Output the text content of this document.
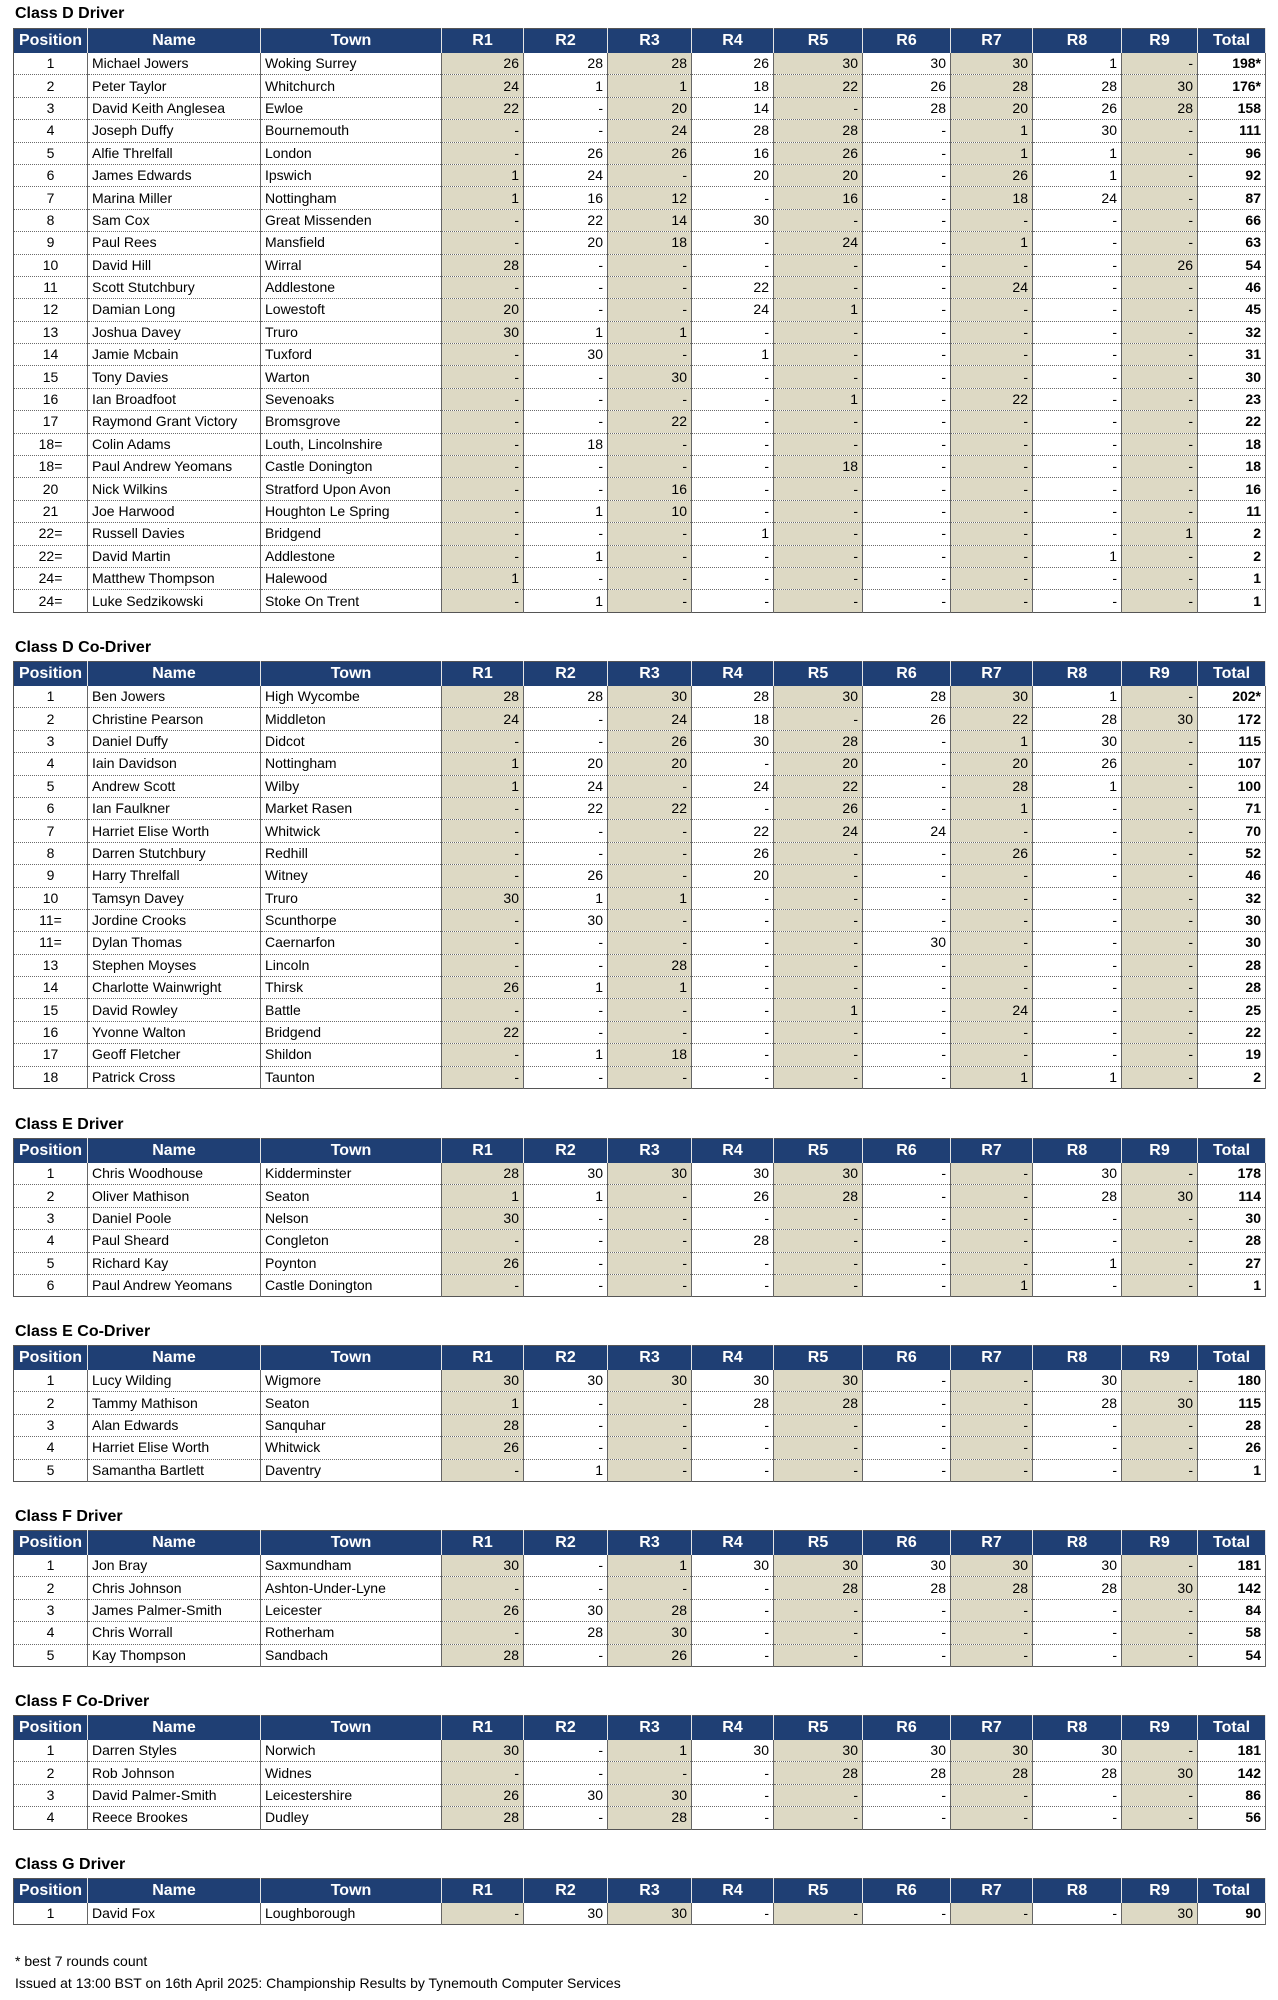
Class D Driver
Position	Name	Town	R1	R2	R3	R4	R5	R6	R7	R8	R9	Total
1	Michael Jowers	Woking Surrey	26	28	28	26	30	30	30	1	-	198*
2	Peter Taylor	Whitchurch	24	1	1	18	22	26	28	28	30	176*
3	David Keith Anglesea	Ewloe	22	-	20	14	-	28	20	26	28	158
4	Joseph Duffy	Bournemouth	-	-	24	28	28	-	1	30	-	111
5	Alfie Threlfall	London	-	26	26	16	26	-	1	1	-	96
6	James Edwards	Ipswich	1	24	-	20	20	-	26	1	-	92
7	Marina Miller	Nottingham	1	16	12	-	16	-	18	24	-	87
8	Sam Cox	Great Missenden	-	22	14	30	-	-	-	-	-	66
9	Paul Rees	Mansfield	-	20	18	-	24	-	1	-	-	63
10	David Hill	Wirral	28	-	-	-	-	-	-	-	26	54
11	Scott Stutchbury	Addlestone	-	-	-	22	-	-	24	-	-	46
12	Damian Long	Lowestoft	20	-	-	24	1	-	-	-	-	45
13	Joshua Davey	Truro	30	1	1	-	-	-	-	-	-	32
14	Jamie Mcbain	Tuxford	-	30	-	1	-	-	-	-	-	31
15	Tony Davies	Warton	-	-	30	-	-	-	-	-	-	30
16	Ian Broadfoot	Sevenoaks	-	-	-	-	1	-	22	-	-	23
17	Raymond Grant Victory	Bromsgrove	-	-	22	-	-	-	-	-	-	22
18=	Colin Adams	Louth, Lincolnshire	-	18	-	-	-	-	-	-	-	18
18=	Paul Andrew Yeomans	Castle Donington	-	-	-	-	18	-	-	-	-	18
20	Nick Wilkins	Stratford Upon Avon	-	-	16	-	-	-	-	-	-	16
21	Joe Harwood	Houghton Le Spring	-	1	10	-	-	-	-	-	-	11
22=	Russell Davies	Bridgend	-	-	-	1	-	-	-	-	1	2
22=	David Martin	Addlestone	-	1	-	-	-	-	-	1	-	2
24=	Matthew Thompson	Halewood	1	-	-	-	-	-	-	-	-	1
24=	Luke Sedzikowski	Stoke On Trent	-	1	-	-	-	-	-	-	-	1
Class D Co-Driver
Position	Name	Town	R1	R2	R3	R4	R5	R6	R7	R8	R9	Total
1	Ben Jowers	High Wycombe	28	28	30	28	30	28	30	1	-	202*
2	Christine Pearson	Middleton	24	-	24	18	-	26	22	28	30	172
3	Daniel Duffy	Didcot	-	-	26	30	28	-	1	30	-	115
4	Iain Davidson	Nottingham	1	20	20	-	20	-	20	26	-	107
5	Andrew Scott	Wilby	1	24	-	24	22	-	28	1	-	100
6	Ian Faulkner	Market Rasen	-	22	22	-	26	-	1	-	-	71
7	Harriet Elise Worth	Whitwick	-	-	-	22	24	24	-	-	-	70
8	Darren Stutchbury	Redhill	-	-	-	26	-	-	26	-	-	52
9	Harry Threlfall	Witney	-	26	-	20	-	-	-	-	-	46
10	Tamsyn Davey	Truro	30	1	1	-	-	-	-	-	-	32
11=	Jordine Crooks	Scunthorpe	-	30	-	-	-	-	-	-	-	30
11=	Dylan Thomas	Caernarfon	-	-	-	-	-	30	-	-	-	30
13	Stephen Moyses	Lincoln	-	-	28	-	-	-	-	-	-	28
14	Charlotte Wainwright	Thirsk	26	1	1	-	-	-	-	-	-	28
15	David Rowley	Battle	-	-	-	-	1	-	24	-	-	25
16	Yvonne Walton	Bridgend	22	-	-	-	-	-	-	-	-	22
17	Geoff Fletcher	Shildon	-	1	18	-	-	-	-	-	-	19
18	Patrick Cross	Taunton	-	-	-	-	-	-	1	1	-	2
Class E Driver
Position	Name	Town	R1	R2	R3	R4	R5	R6	R7	R8	R9	Total
1	Chris Woodhouse	Kidderminster	28	30	30	30	30	-	-	30	-	178
2	Oliver Mathison	Seaton	1	1	-	26	28	-	-	28	30	114
3	Daniel Poole	Nelson	30	-	-	-	-	-	-	-	-	30
4	Paul Sheard	Congleton	-	-	-	28	-	-	-	-	-	28
5	Richard Kay	Poynton	26	-	-	-	-	-	-	1	-	27
6	Paul Andrew Yeomans	Castle Donington	-	-	-	-	-	-	1	-	-	1
Class E Co-Driver
Position	Name	Town	R1	R2	R3	R4	R5	R6	R7	R8	R9	Total
1	Lucy Wilding	Wigmore	30	30	30	30	30	-	-	30	-	180
2	Tammy Mathison	Seaton	1	-	-	28	28	-	-	28	30	115
3	Alan Edwards	Sanquhar	28	-	-	-	-	-	-	-	-	28
4	Harriet Elise Worth	Whitwick	26	-	-	-	-	-	-	-	-	26
5	Samantha Bartlett	Daventry	-	1	-	-	-	-	-	-	-	1
Class F Driver
Position	Name	Town	R1	R2	R3	R4	R5	R6	R7	R8	R9	Total
1	Jon Bray	Saxmundham	30	-	1	30	30	30	30	30	-	181
2	Chris Johnson	Ashton-Under-Lyne	-	-	-	-	28	28	28	28	30	142
3	James Palmer-Smith	Leicester	26	30	28	-	-	-	-	-	-	84
4	Chris Worrall	Rotherham	-	28	30	-	-	-	-	-	-	58
5	Kay Thompson	Sandbach	28	-	26	-	-	-	-	-	-	54
Class F Co-Driver
Position	Name	Town	R1	R2	R3	R4	R5	R6	R7	R8	R9	Total
1	Darren Styles	Norwich	30	-	1	30	30	30	30	30	-	181
2	Rob Johnson	Widnes	-	-	-	-	28	28	28	28	30	142
3	David Palmer-Smith	Leicestershire	26	30	30	-	-	-	-	-	-	86
4	Reece Brookes	Dudley	28	-	28	-	-	-	-	-	-	56
Class G Driver
Position	Name	Town	R1	R2	R3	R4	R5	R6	R7	R8	R9	Total
1	David Fox	Loughborough	-	30	30	-	-	-	-	-	30	90
* best 7 rounds count
Issued at 13:00 BST on 16th April 2025: Championship Results by Tynemouth Computer Services
